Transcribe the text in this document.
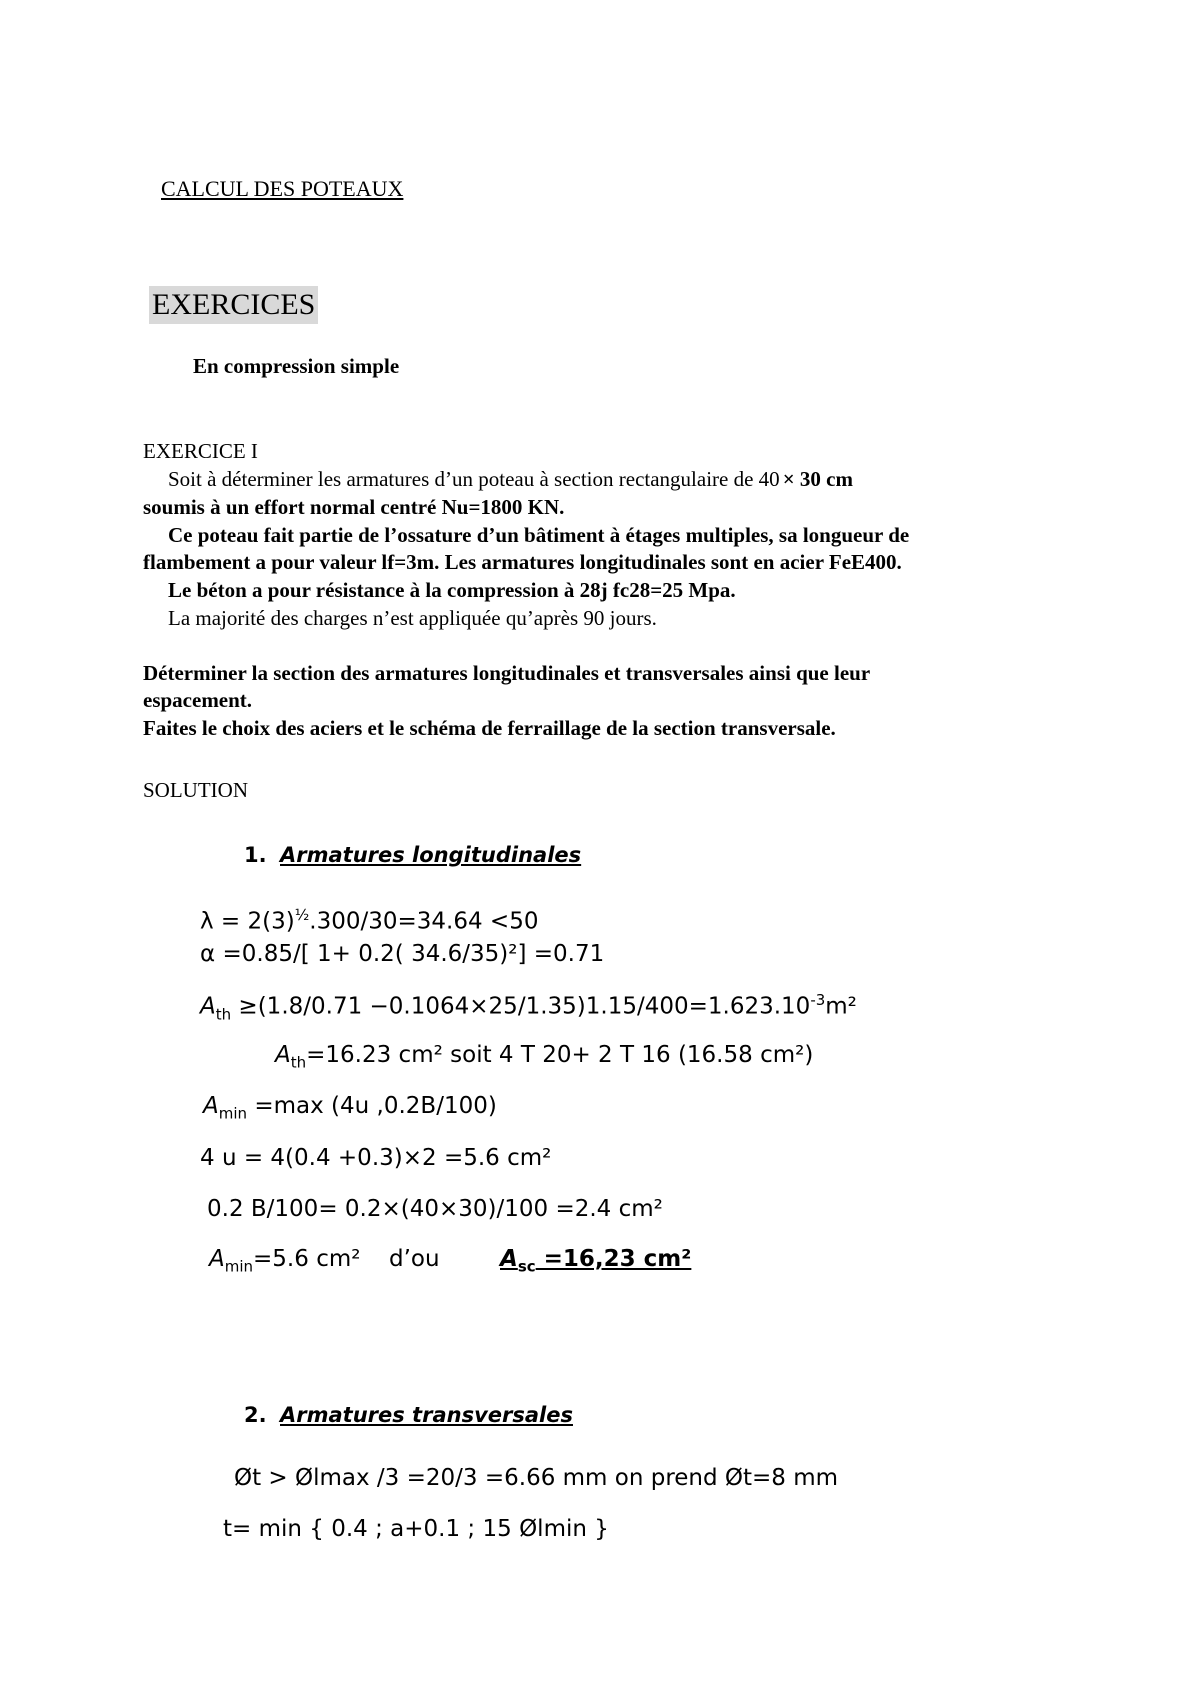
CALCUL DES POTEAUX
EXERCICES
En compression simple
EXERCICE I
Soit à déterminer les armatures d’un poteau à section rectangulaire de 40 × 30 cm
soumis à un effort normal centré Nu=1800 KN.
Ce poteau fait partie de l’ossature d’un bâtiment à étages multiples, sa longueur de
flambement a pour valeur lf=3m. Les armatures longitudinales sont en acier FeE400.
Le béton a pour résistance à la compression à 28j fc28=25 Mpa.
La majorité des charges n’est appliquée qu’après 90 jours.
Déterminer la section des armatures longitudinales et transversales ainsi que leur
espacement.
Faites le choix des aciers et le schéma de ferraillage de la section transversale.
SOLUTION
1. Armatures longitudinales
$\lambda = 2(3)^{\frac{1}{2}}.300/30=34.64 <50$
α =0.85/[ 1+ 0.2( 34.6/35)²] =0.71
$A_{th} \ge(1.8/0.71 -0.1064\times 25/1.35)1.15/400=1.623.10^{-3}m^2$
$A_{th}=16.23$ cm² soit 4 T 20+ 2 T 16 (16.58 cm²)
$A_{min} =\max$ (4u ,0.2B/100)
4 u = 4(0.4 +0.3)×2 =5.6 cm²
0.2 B/100= 0.2×(40×30)/100 =2.4 cm²
$A_{min}=5.6$ cm² d’ou	$A_{sc} =16,23$ cm²
2. Armatures transversales
Øt > Ølmax /3 =20/3 =6.66 mm on prend Øt=8 mm
t= min { 0.4 ; a+0.1 ; 15 Ølmin }
